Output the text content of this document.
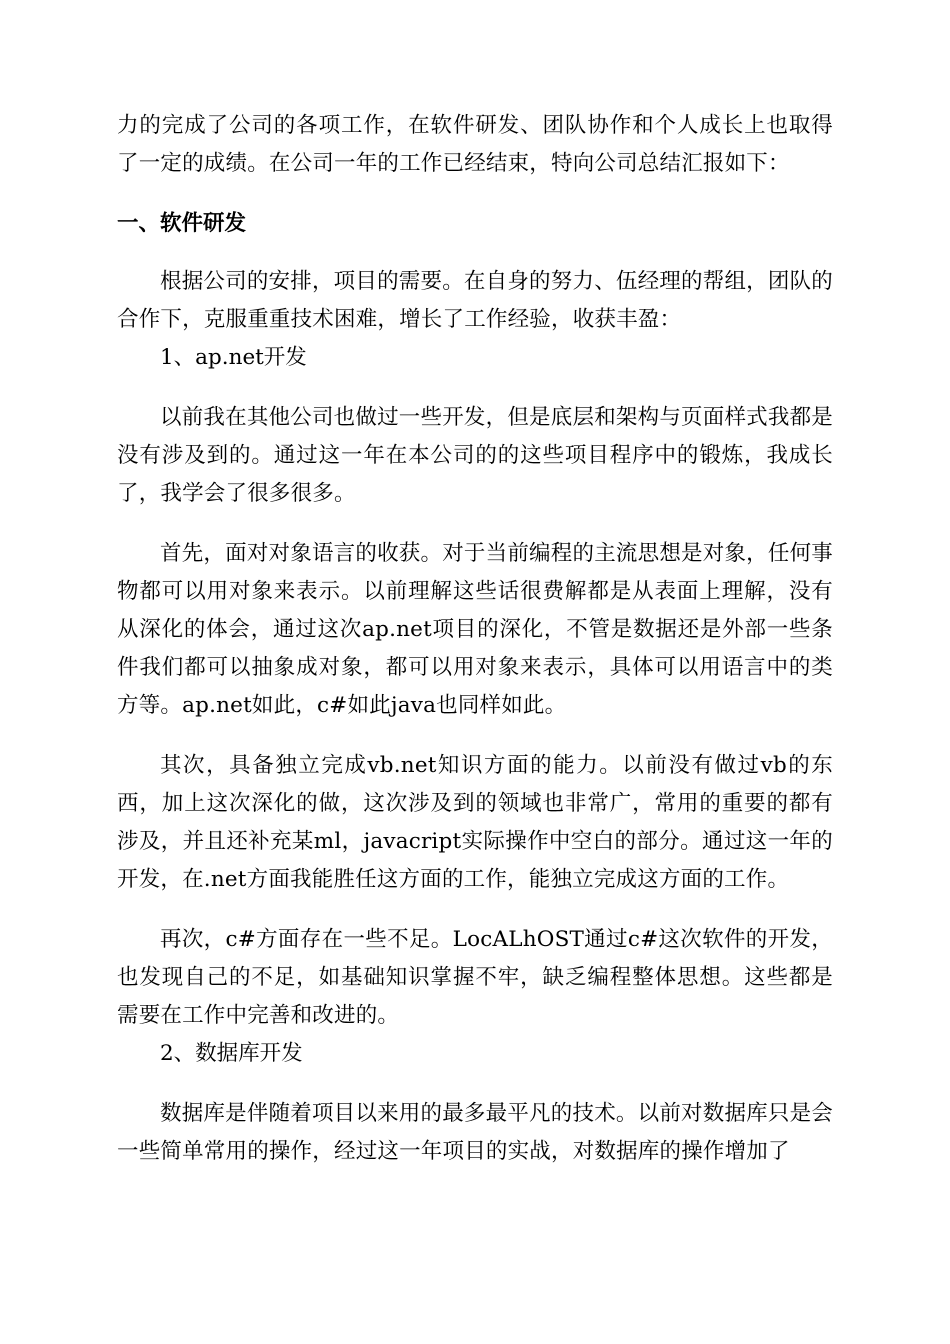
力的完成了公司的各项工作，在软件研发、团队协作和个人成长上也取得了一定的成绩。在公司一年的工作已经结束，特向公司总结汇报如下：

一、软件研发

根据公司的安排，项目的需要。在自身的努力、伍经理的帮组，团队的合作下，克服重重技术困难，增长了工作经验，收获丰盈：

1、ap.net开发

以前我在其他公司也做过一些开发，但是底层和架构与页面样式我都是没有涉及到的。通过这一年在本公司的的这些项目程序中的锻炼，我成长了，我学会了很多很多。

首先，面对对象语言的收获。对于当前编程的主流思想是对象，任何事物都可以用对象来表示。以前理解这些话很费解都是从表面上理解，没有从深化的体会，通过这次ap.net项目的深化，不管是数据还是外部一些条件我们都可以抽象成对象，都可以用对象来表示，具体可以用语言中的类方等。ap.net如此，c#如此java也同样如此。

其次，具备独立完成vb.net知识方面的能力。以前没有做过vb的东西，加上这次深化的做，这次涉及到的领域也非常广，常用的重要的都有涉及，并且还补充某ml，javacript实际操作中空白的部分。通过这一年的开发，在.net方面我能胜任这方面的工作，能独立完成这方面的工作。

再次，c#方面存在一些不足。LocALhOST通过c#这次软件的开发，也发现自己的不足，如基础知识掌握不牢，缺乏编程整体思想。这些都是需要在工作中完善和改进的。

2、数据库开发

数据库是伴随着项目以来用的最多最平凡的技术。以前对数据库只是会一些简单常用的操作，经过这一年项目的实战，对数据库的操作增加了
